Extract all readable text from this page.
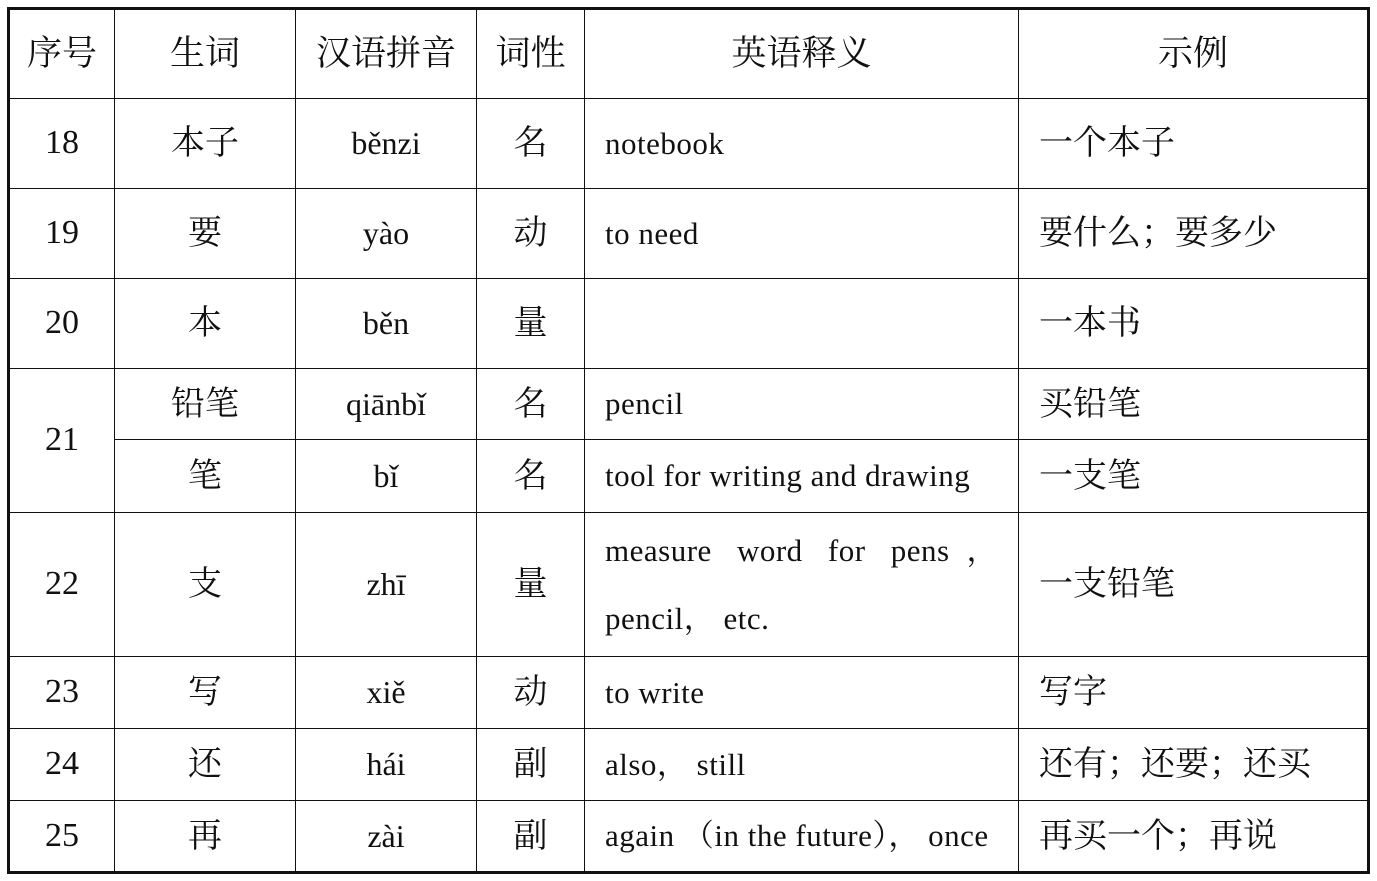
序号	生词	汉语拼音	词性	英语释义	示例
18	本子	běnzi	名	notebook	一个本子
19	要	yào	动	to need	要什么；要多少
20	本	běn	量		一本书
21	铅笔	qiānbǐ	名	pencil	买铅笔
	笔	bǐ	名	tool for writing and drawing	一支笔
22	支	zhī	量	measure word for pens， pencil， etc.	一支铅笔
23	写	xiě	动	to write	写字
24	还	hái	副	also， still	还有；还要；还买
25	再	zài	副	again （in the future）， once	再买一个；再说
